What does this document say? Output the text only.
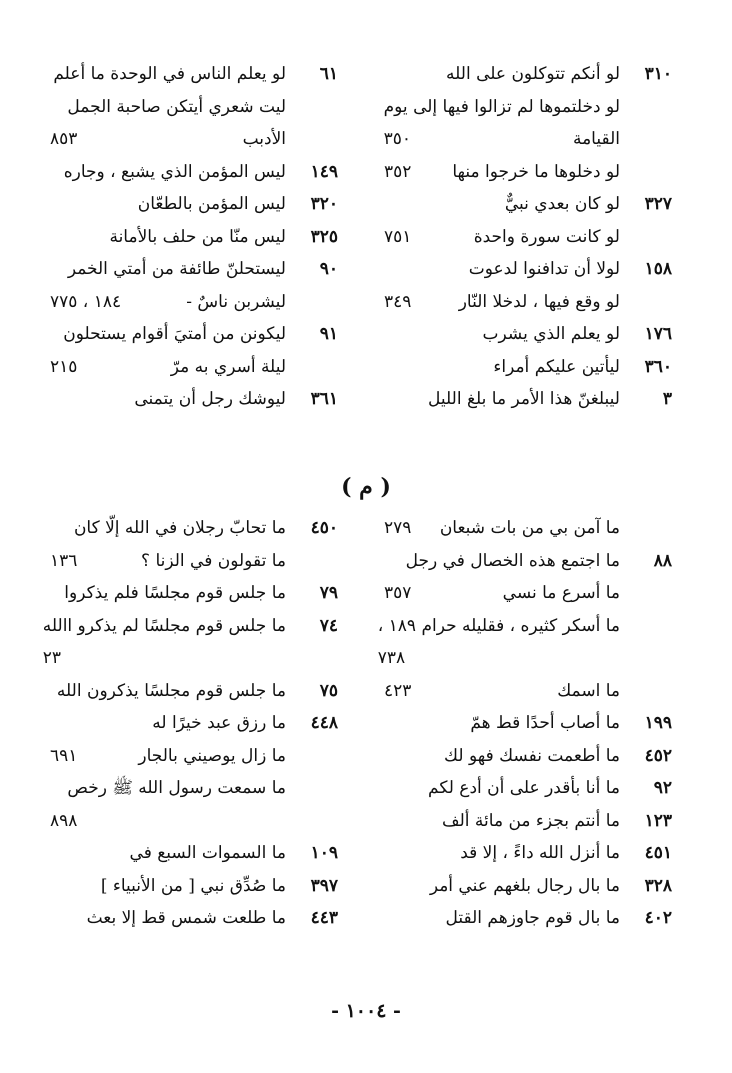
٣١٠
لو أنكم تتوكلون على الله
لو دخلتموها لم تزالوا فيها إلى يوم
القيامة
٣٥٠
لو دخلوها ما خرجوا منها
٣٥٢
٣٢٧
لو كان بعدي نبيٌّ
لو كانت سورة واحدة
٧٥١
١٥٨
لولا أن تدافنوا لدعوت
لو وقع فيها ، لدخلا النّار
٣٤٩
١٧٦
لو يعلم الذي يشرب
٣٦٠
ليأتين عليكم أمراء
٣
ليبلغنّ هذا الأمر ما بلغ الليل
٦١
لو يعلم الناس في الوحدة ما أعلم
ليت شعري أيتكن صاحبة الجمل
الأدبب
٨٥٣
١٤٩
ليس المؤمن الذي يشبع ، وجاره
٣٢٠
ليس المؤمن بالطعّان
٣٢٥
ليس منّا من حلف بالأمانة
٩٠
ليستحلنّ طائفة من أمتي الخمر
ليشربن ناسٌ -
١٨٤ ، ٧٧٥
٩١
ليكونن من أمتيَ أقوام يستحلون
ليلة أسري به مرّ
٢١٥
٣٦١
ليوشك رجل أن يتمنى
( م )
ما آمن بي من بات شبعان
٢٧٩
٨٨
ما اجتمع هذه الخصال في رجل
ما أسرع ما نسي
٣٥٧
ما أسكر كثيره ، فقليله حرام ١٨٩ ،
٧٣٨
ما اسمك
٤٢٣
١٩٩
ما أصاب أحدًا قط همّ
٤٥٢
ما أطعمت نفسك فهو لك
٩٢
ما أنا بأقدر على أن أدع لكم
١٢٣
ما أنتم بجزء من مائة ألف
٤٥١
ما أنزل الله داءً ، إلا قد
٣٢٨
ما بال رجال بلغهم عني أمر
٤٠٢
ما بال قوم جاوزهم القتل
٤٥٠
ما تحابّ رجلان في الله إلّا كان
ما تقولون في الزنا ؟
١٣٦
٧٩
ما جلس قوم مجلسًا فلم يذكروا
٧٤
ما جلس قوم مجلسًا لم يذكرو االله
٢٣
٧٥
ما جلس قوم مجلسًا يذكرون الله
٤٤٨
ما رزق عبد خيرًا له
ما زال يوصيني بالجار
٦٩١
ما سمعت رسول الله ﷺ رخص
٨٩٨
١٠٩
ما السموات السبع في
٣٩٧
ما صُدِّق نبي [ من الأنبياء ]
٤٤٣
ما طلعت شمس قط إلا بعث
- ١٠٠٤ -
